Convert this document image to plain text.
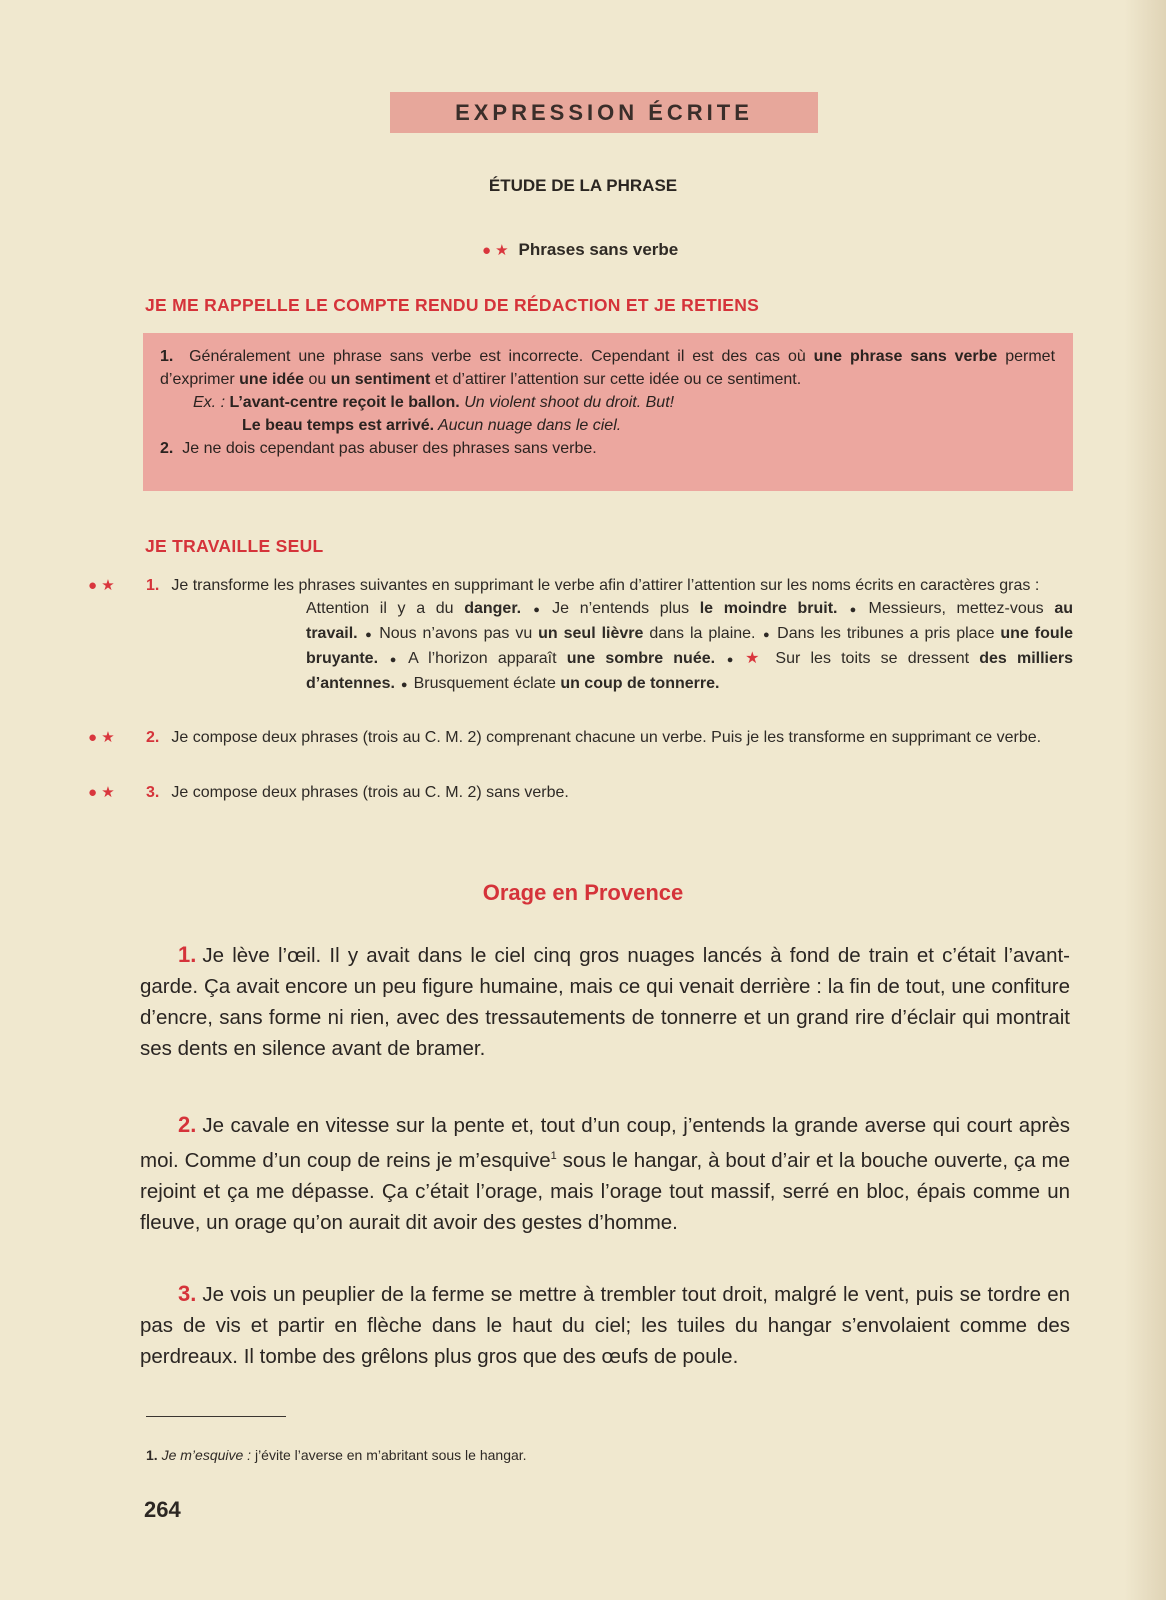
EXPRESSION ÉCRITE
ÉTUDE DE LA PHRASE
● ★ Phrases sans verbe
JE ME RAPPELLE LE COMPTE RENDU DE RÉDACTION ET JE RETIENS

1. Généralement une phrase sans verbe est incorrecte. Cependant il est des cas où une phrase sans verbe permet d’exprimer une idée ou un sentiment et d’attirer l’attention sur cette idée ou ce sentiment.

Ex. : L’avant-centre reçoit le ballon. Un violent shoot du droit. But!

Le beau temps est arrivé. Aucun nuage dans le ciel.

2. Je ne dois cependant pas abuser des phrases sans verbe.

JE TRAVAILLE SEUL
● ★	1. Je transforme les phrases suivantes en supprimant le verbe afin d’attirer l’attention sur les noms écrits en caractères gras :
Attention il y a du danger. ● Je n’entends plus le moindre bruit. ● Messieurs, mettez-vous au travail. ● Nous n’avons pas vu un seul lièvre dans la plaine. ● Dans les tribunes a pris place une foule bruyante. ● A l’horizon apparaît une sombre nuée. ● ★ Sur les toits se dressent des milliers d’antennes. ● Brusquement éclate un coup de tonnerre.
● ★	2. Je compose deux phrases (trois au C. M. 2) comprenant chacune un verbe. Puis je les transforme en supprimant ce verbe.
● ★	3. Je compose deux phrases (trois au C. M. 2) sans verbe.
Orage en Provence
1. Je lève l’œil. Il y avait dans le ciel cinq gros nuages lancés à fond de train et c’était l’avant-garde. Ça avait encore un peu figure humaine, mais ce qui venait derrière : la fin de tout, une confiture d’encre, sans forme ni rien, avec des tressautements de tonnerre et un grand rire d’éclair qui montrait ses dents en silence avant de bramer.
2. Je cavale en vitesse sur la pente et, tout d’un coup, j’entends la grande averse qui court après moi. Comme d’un coup de reins je m’esquive$^1$ sous le hangar, à bout d’air et la bouche ouverte, ça me rejoint et ça me dépasse. Ça c’était l’orage, mais l’orage tout massif, serré en bloc, épais comme un fleuve, un orage qu’on aurait dit avoir des gestes d’homme.
3. Je vois un peuplier de la ferme se mettre à trembler tout droit, malgré le vent, puis se tordre en pas de vis et partir en flèche dans le haut du ciel; les tuiles du hangar s’envolaient comme des perdreaux. Il tombe des grêlons plus gros que des œufs de poule.
1. Je m’esquive : j’évite l’averse en m’abritant sous le hangar.
264
